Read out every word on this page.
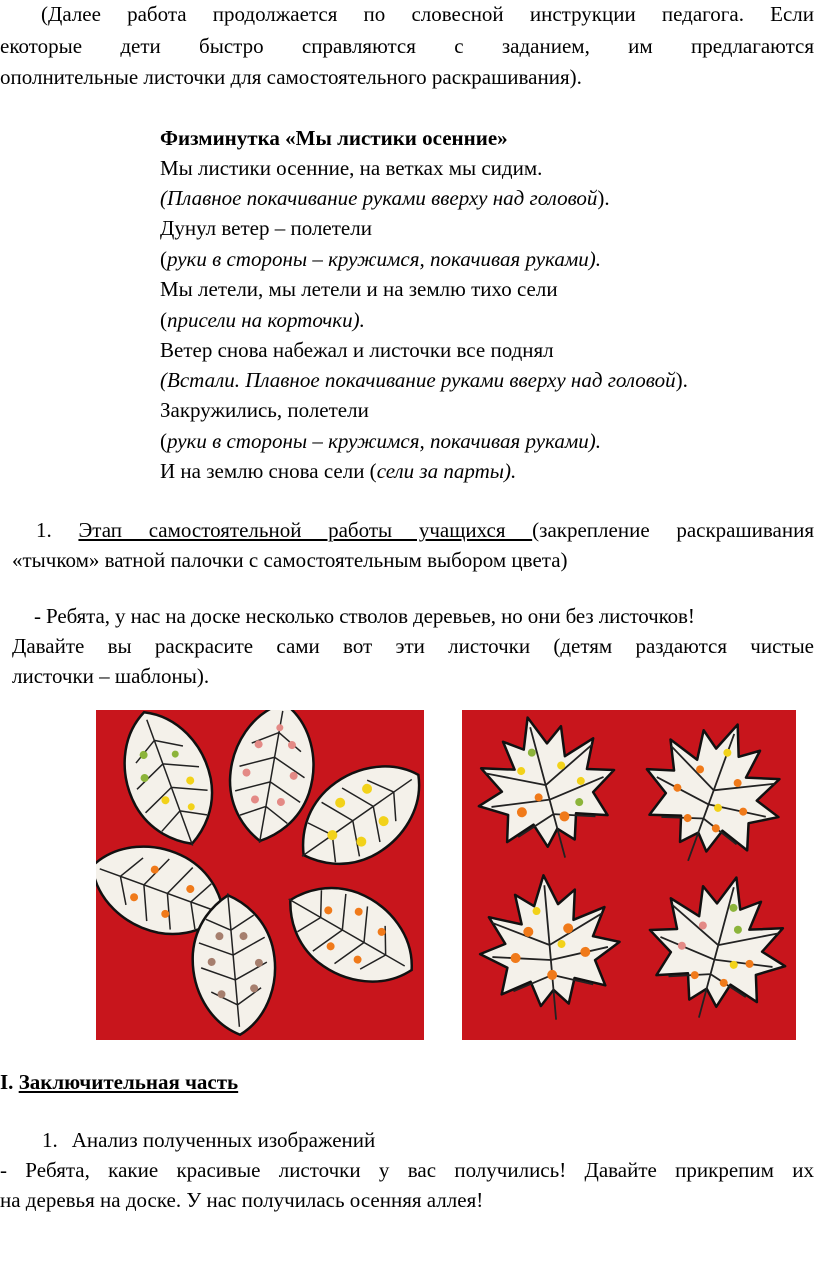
(Далее работа продолжается по словесной инструкции педагога. Если
екоторые дети быстро справляются с заданием, им предлагаются
ополнительные листочки для самостоятельного раскрашивания).
Физминутка «Мы листики осенние»
Мы листики осенние, на ветках мы сидим.
(Плавное покачивание руками вверху над головой).
Дунул ветер – полетели
(руки в стороны – кружимся, покачивая руками).
Мы летели, мы летели и на землю тихо сели
(присели на корточки).
Ветер снова набежал и листочки все поднял
(Встали. Плавное покачивание руками вверху над головой).
Закружились, полетели
(руки в стороны – кружимся, покачивая руками).
И на землю снова сели (сели за парты).
1. Этап самостоятельной работы учащихся (закрепление раскрашивания
«тычком» ватной палочки с самостоятельным выбором цвета)
- Ребята, у нас на доске несколько стволов деревьев, но они без листочков!
Давайте вы раскрасите сами вот эти листочки (детям раздаются чистые
листочки – шаблоны).
I. Заключительная часть
1. Анализ полученных изображений
- Ребята, какие красивые листочки у вас получились! Давайте прикрепим их
на деревья на доске. У нас получилась осенняя аллея!
